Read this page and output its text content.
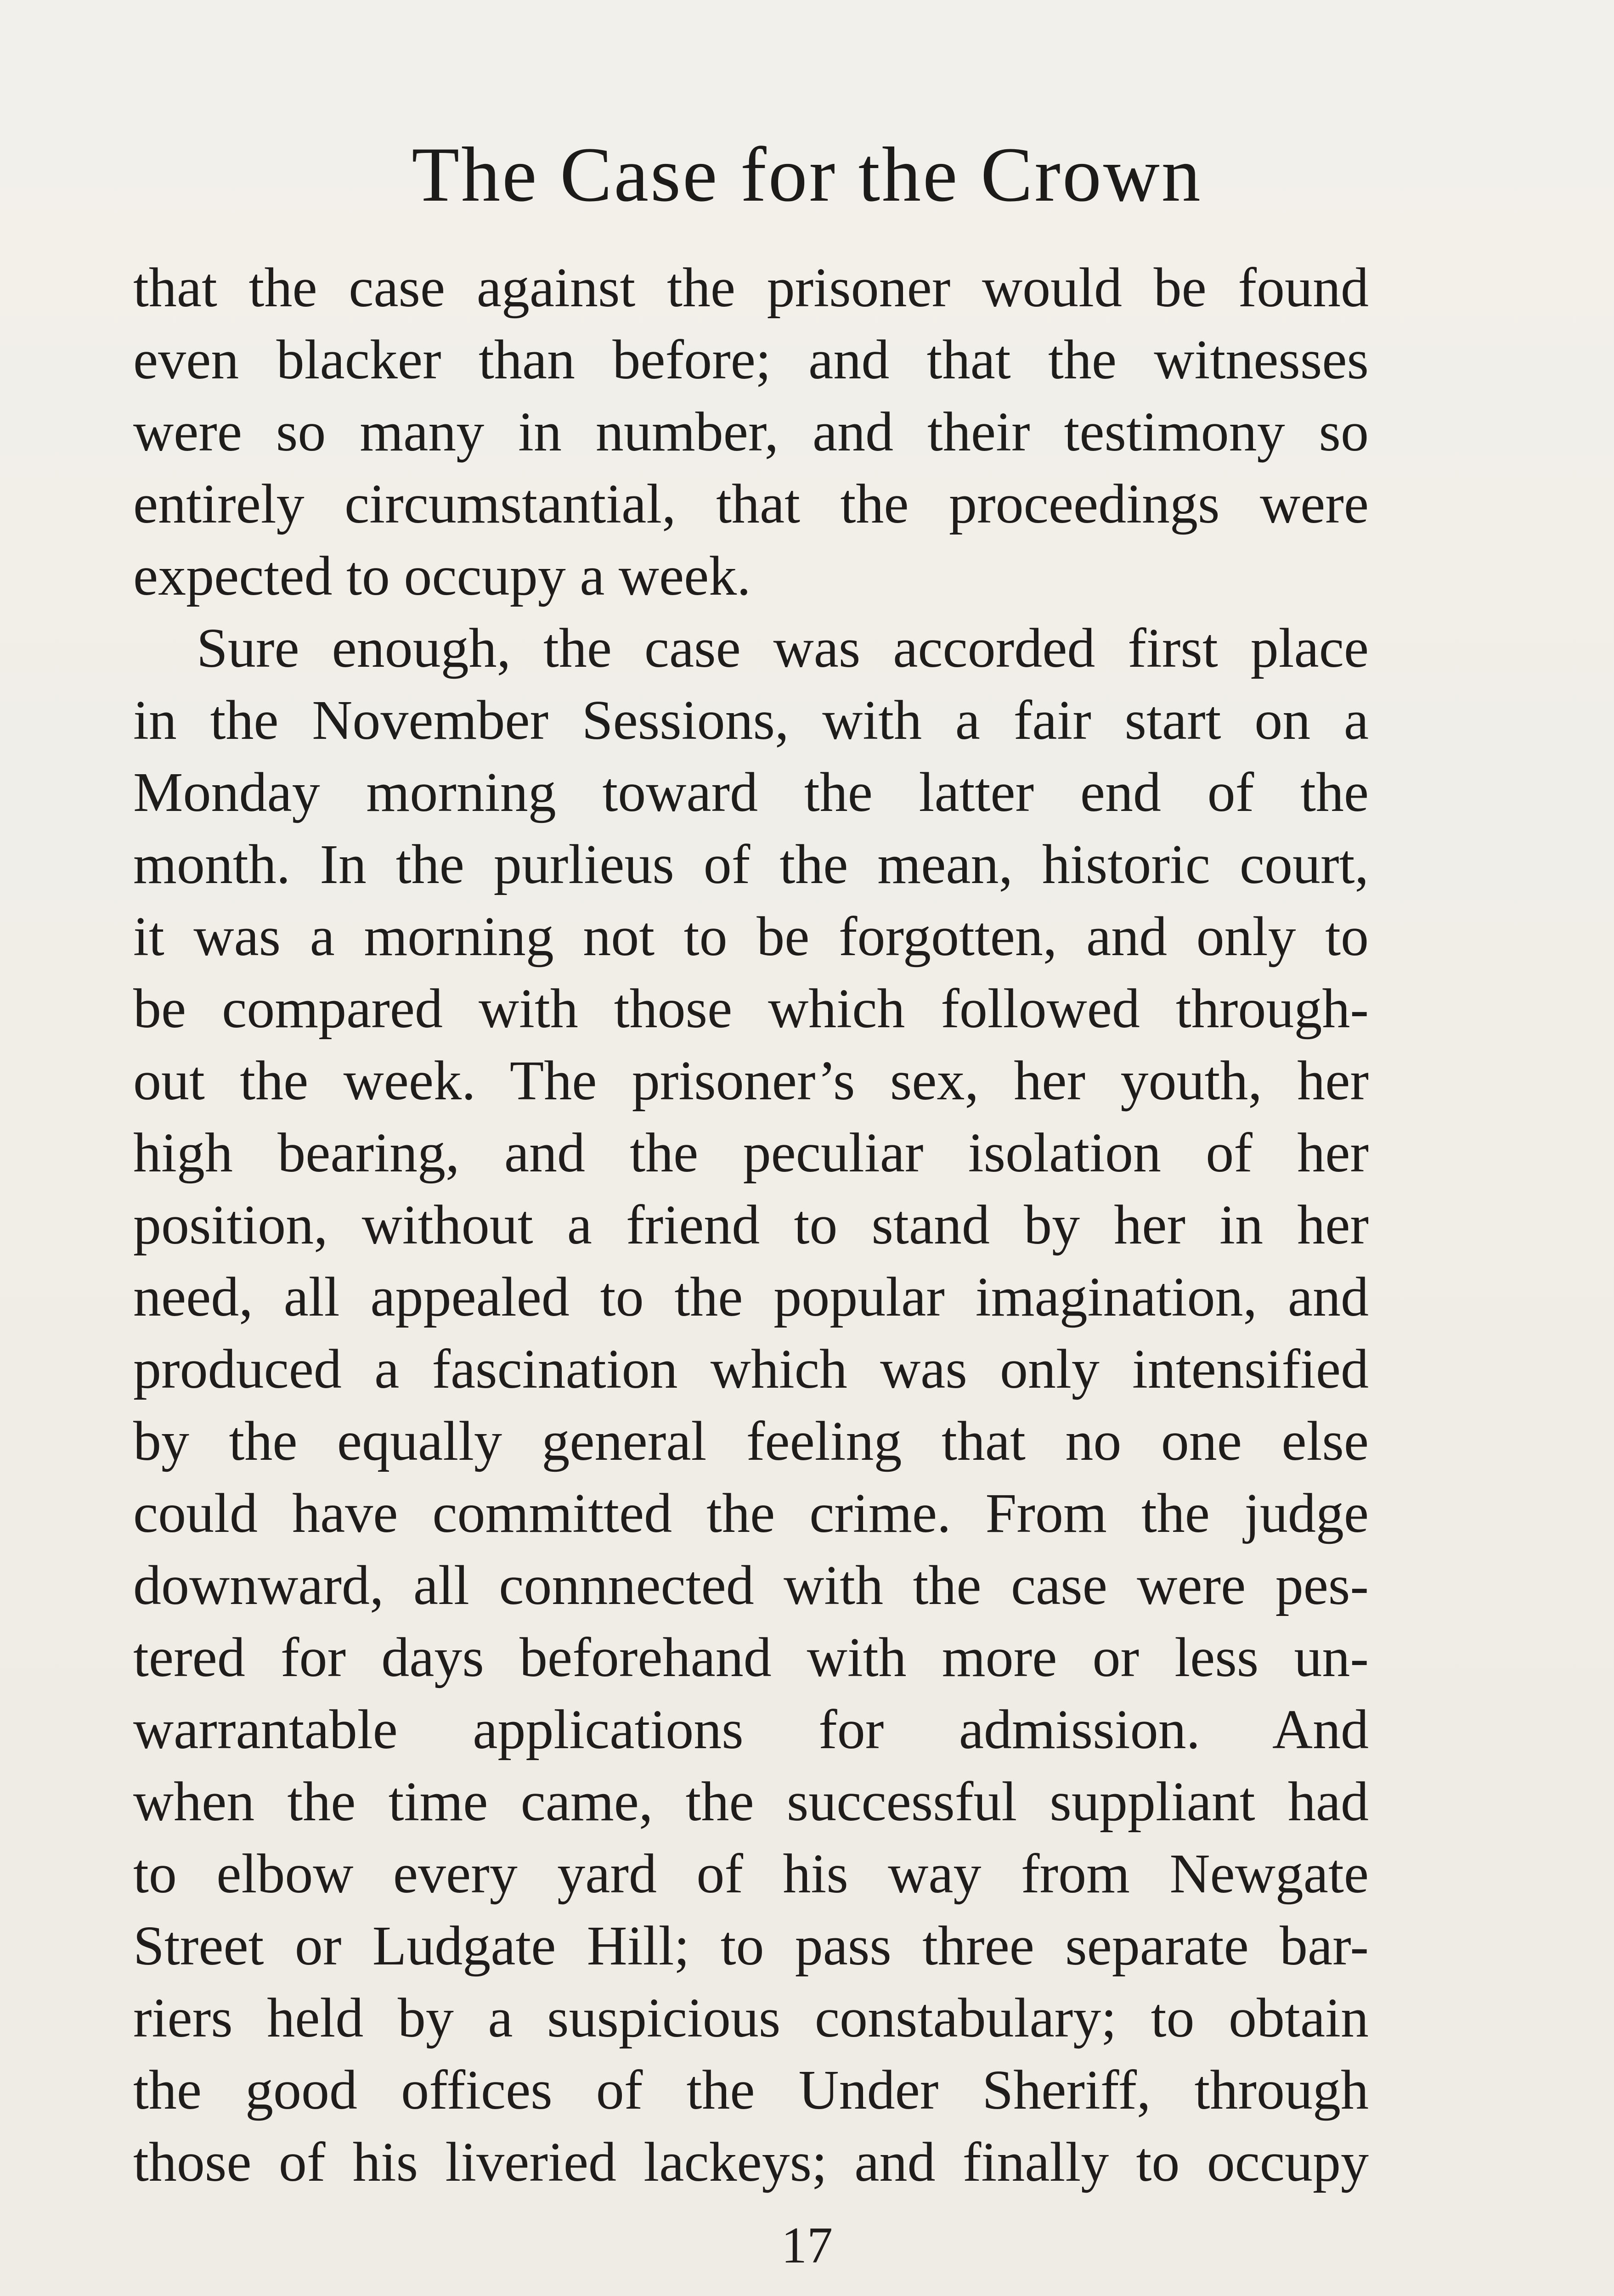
The Case for the Crown
that the case against the prisoner would be found
even blacker than before; and that the witnesses
were so many in number, and their testimony so
entirely circumstantial, that the proceedings were
expected to occupy a week.
Sure enough, the case was accorded first place
in the November Sessions, with a fair start on a
Monday morning toward the latter end of the
month. In the purlieus of the mean, historic court,
it was a morning not to be forgotten, and only to
be compared with those which followed through-
out the week. The prisoner’s sex, her youth, her
high bearing, and the peculiar isolation of her
position, without a friend to stand by her in her
need, all appealed to the popular imagination, and
produced a fascination which was only intensified
by the equally general feeling that no one else
could have committed the crime. From the judge
downward, all connnected with the case were pes-
tered for days beforehand with more or less un-
warrantable applications for admission. And
when the time came, the successful suppliant had
to elbow every yard of his way from Newgate
Street or Ludgate Hill; to pass three separate bar-
riers held by a suspicious constabulary; to obtain
the good offices of the Under Sheriff, through
those of his liveried lackeys; and finally to occupy
17
